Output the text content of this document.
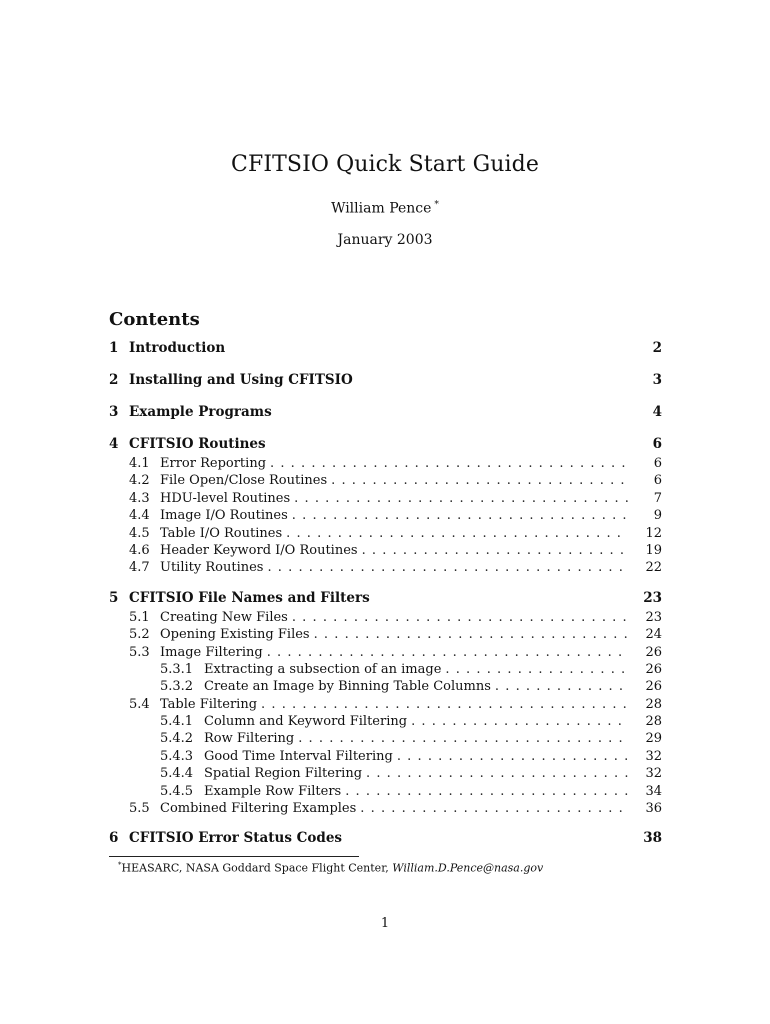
CFITSIO Quick Start Guide
William Pence *
January 2003
Contents
1 Introduction	2
2 Installing and Using CFITSIO	3
3 Example Programs	4
4 CFITSIO Routines	6
4.1 Error Reporting .....	6
4.2 File Open/Close Routines .....	6
4.3 HDU-level Routines .....	7
4.4 Image I/O Routines .....	9
4.5 Table I/O Routines .....	12
4.6 Header Keyword I/O Routines .....	19
4.7 Utility Routines .....	22
5 CFITSIO File Names and Filters	23
5.1 Creating New Files .....	23
5.2 Opening Existing Files .....	24
5.3 Image Filtering .....	26
5.3.1 Extracting a subsection of an image .....	26
5.3.2 Create an Image by Binning Table Columns .....	26
5.4 Table Filtering .....	28
5.4.1 Column and Keyword Filtering .....	28
5.4.2 Row Filtering .....	29
5.4.3 Good Time Interval Filtering .....	32
5.4.4 Spatial Region Filtering .....	32
5.4.5 Example Row Filters .....	34
5.5 Combined Filtering Examples .....	36
6 CFITSIO Error Status Codes	38
*HEASARC, NASA Goddard Space Flight Center, William.D.Pence@nasa.gov
1
